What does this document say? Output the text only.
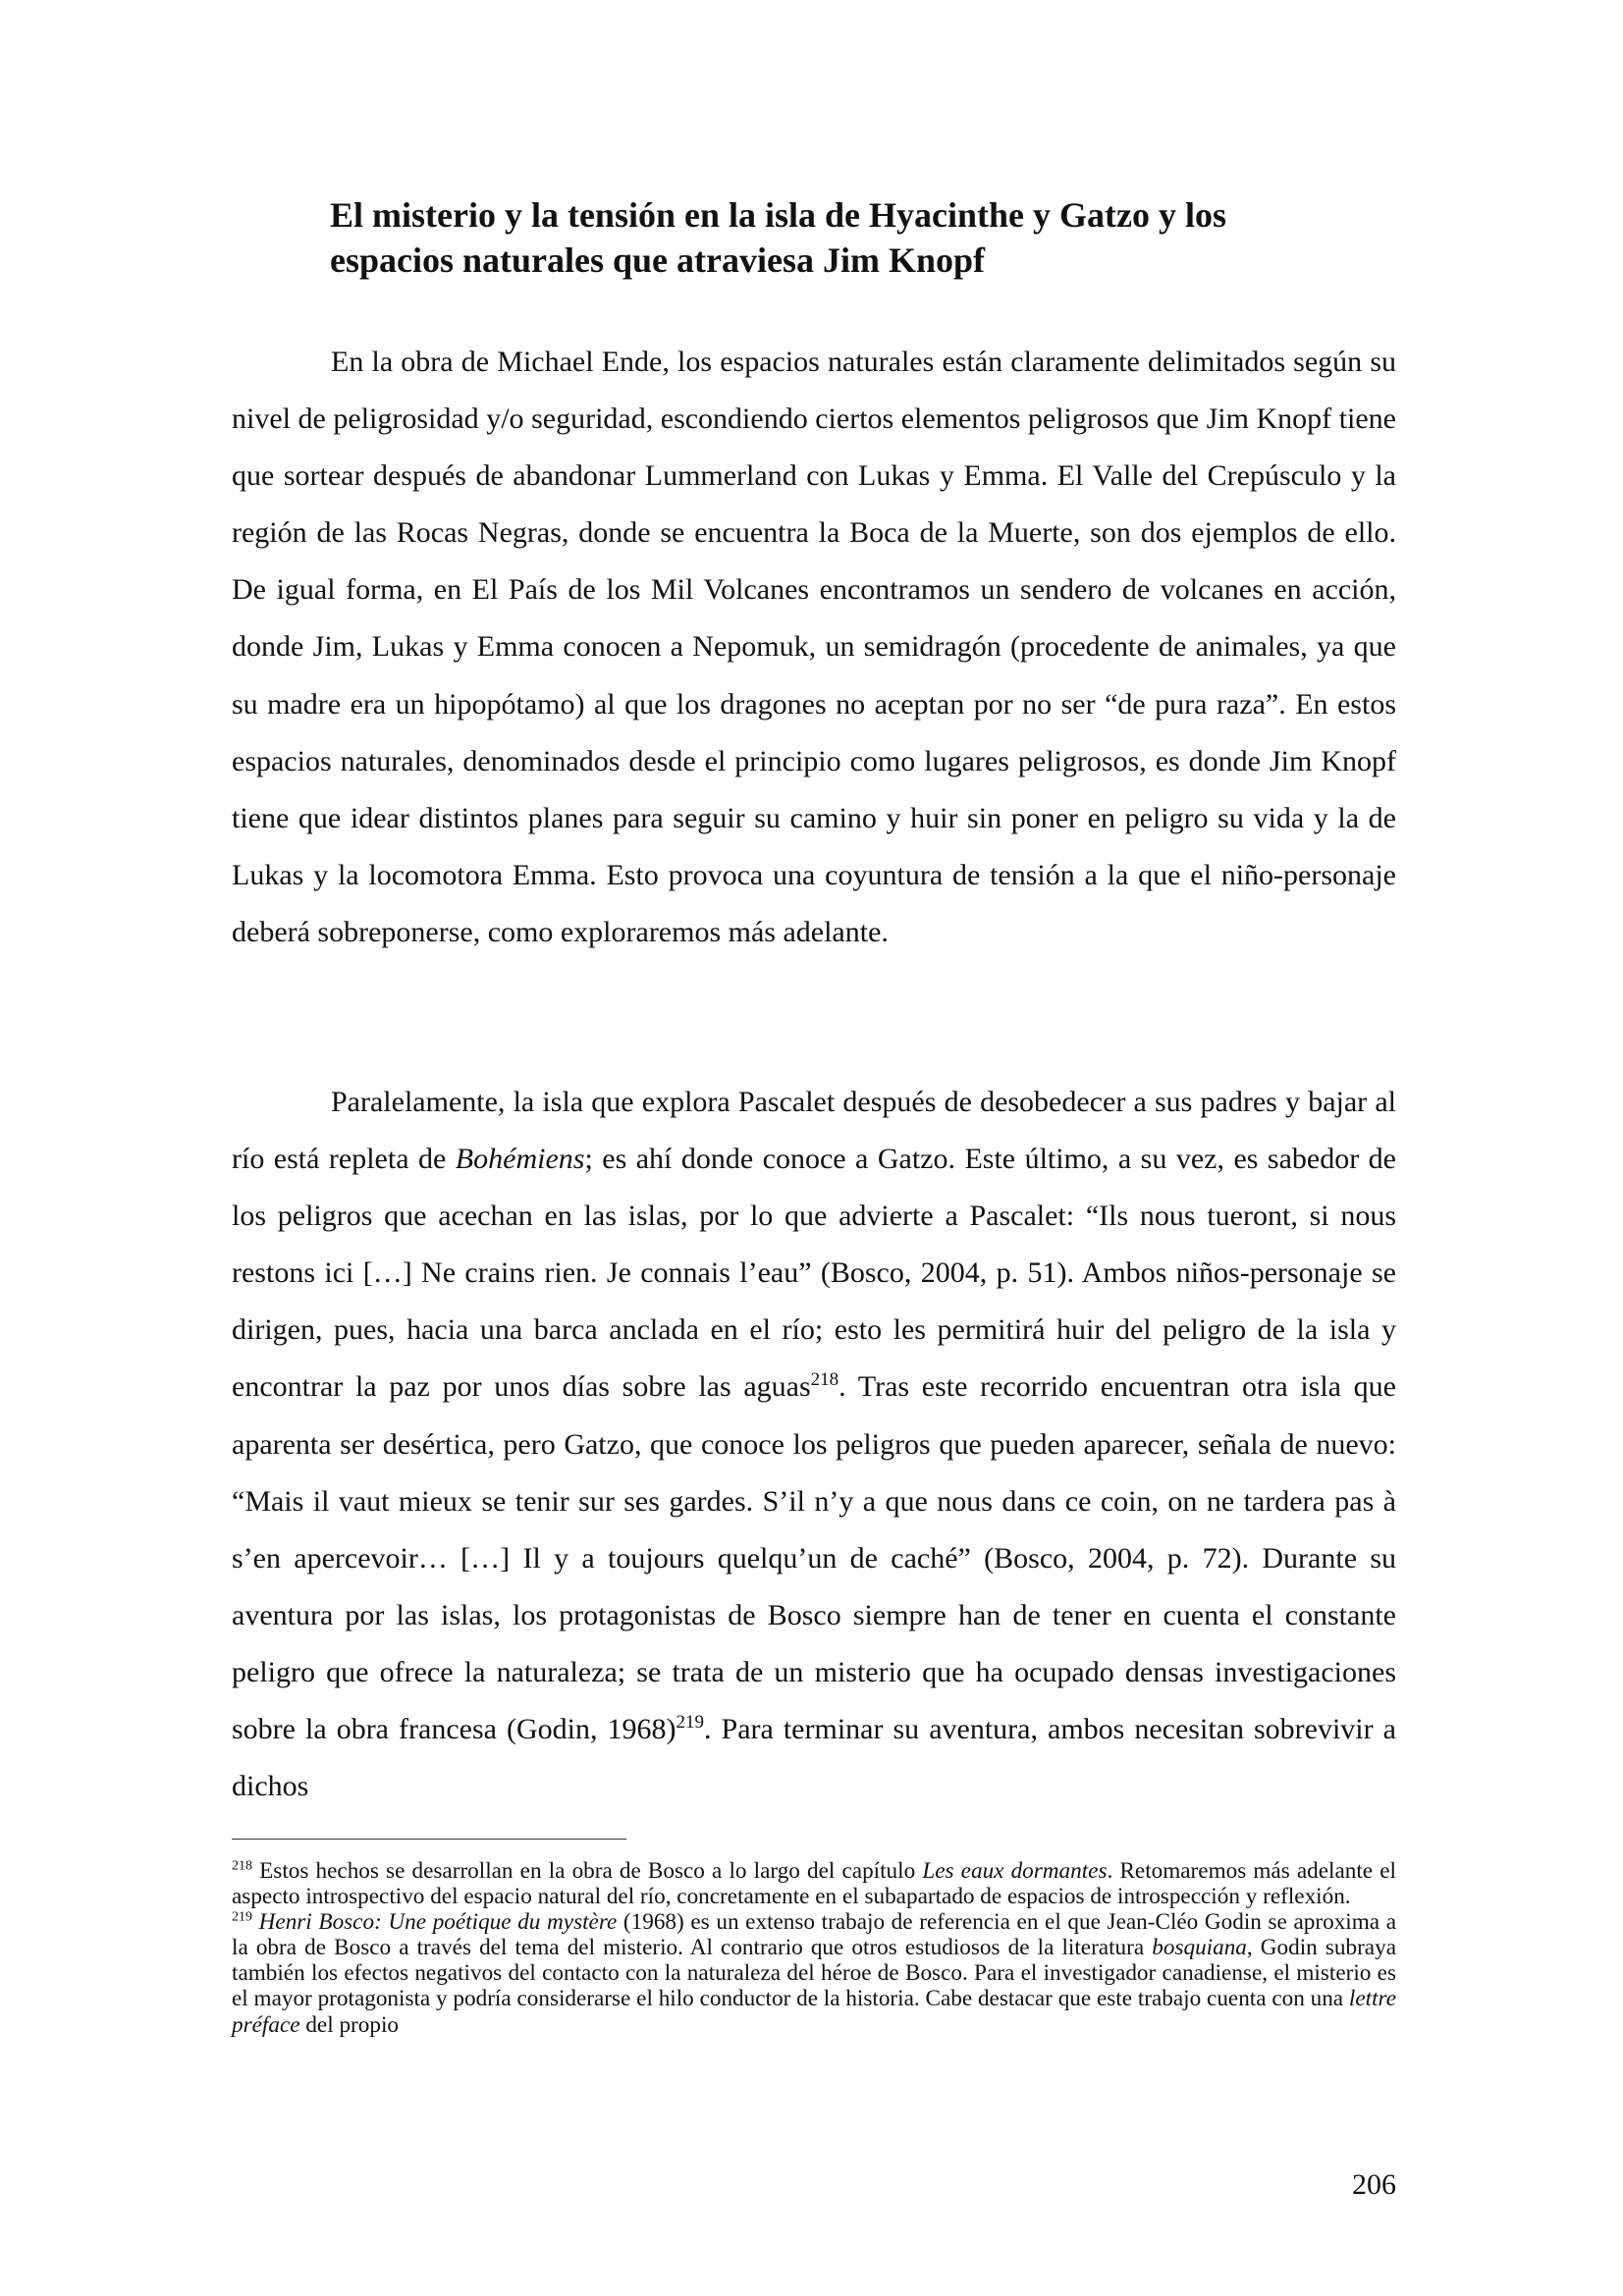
El misterio y la tensión en la isla de Hyacinthe y Gatzo y los
espacios naturales que atraviesa Jim Knopf

En la obra de Michael Ende, los espacios naturales están claramente delimitados según su nivel de peligrosidad y/o seguridad, escondiendo ciertos elementos peligrosos que Jim Knopf tiene que sortear después de abandonar Lummerland con Lukas y Emma. El Valle del Crepúsculo y la región de las Rocas Negras, donde se encuentra la Boca de la Muerte, son dos ejemplos de ello. De igual forma, en El País de los Mil Volcanes encontramos un sendero de volcanes en acción, donde Jim, Lukas y Emma conocen a Nepomuk, un semidragón (procedente de animales, ya que su madre era un hipopótamo) al que los dragones no aceptan por no ser “de pura raza”. En estos espacios naturales, denominados desde el principio como lugares peligrosos, es donde Jim Knopf tiene que idear distintos planes para seguir su camino y huir sin poner en peligro su vida y la de Lukas y la locomotora Emma. Esto provoca una coyuntura de tensión a la que el niño-personaje deberá sobreponerse, como exploraremos más adelante.

Paralelamente, la isla que explora Pascalet después de desobedecer a sus padres y bajar al río está repleta de Bohémiens; es ahí donde conoce a Gatzo. Este último, a su vez, es sabedor de los peligros que acechan en las islas, por lo que advierte a Pascalet: “Ils nous tueront, si nous restons ici […] Ne crains rien. Je connais l’eau” (Bosco, 2004, p. 51). Ambos niños-personaje se dirigen, pues, hacia una barca anclada en el río; esto les permitirá huir del peligro de la isla y encontrar la paz por unos días sobre las aguas$^{218}$. Tras este recorrido encuentran otra isla que aparenta ser desértica, pero Gatzo, que conoce los peligros que pueden aparecer, señala de nuevo: “Mais il vaut mieux se tenir sur ses gardes. S’il n’y a que nous dans ce coin, on ne tardera pas à s’en apercevoir… […] Il y a toujours quelqu’un de caché” (Bosco, 2004, p. 72). Durante su aventura por las islas, los protagonistas de Bosco siempre han de tener en cuenta el constante peligro que ofrece la naturaleza; se trata de un misterio que ha ocupado densas investigaciones sobre la obra francesa (Godin, 1968)$^{219}$. Para terminar su aventura, ambos necesitan sobrevivir a dichos

$^{218}$ Estos hechos se desarrollan en la obra de Bosco a lo largo del capítulo Les eaux dormantes. Retomaremos más adelante el aspecto introspectivo del espacio natural del río, concretamente en el subapartado de espacios de introspección y reflexión.

$^{219}$ Henri Bosco: Une poétique du mystère (1968) es un extenso trabajo de referencia en el que Jean-Cléo Godin se aproxima a la obra de Bosco a través del tema del misterio. Al contrario que otros estudiosos de la literatura bosquiana, Godin subraya también los efectos negativos del contacto con la naturaleza del héroe de Bosco. Para el investigador canadiense, el misterio es el mayor protagonista y podría considerarse el hilo conductor de la historia. Cabe destacar que este trabajo cuenta con una lettre préface del propio

206
